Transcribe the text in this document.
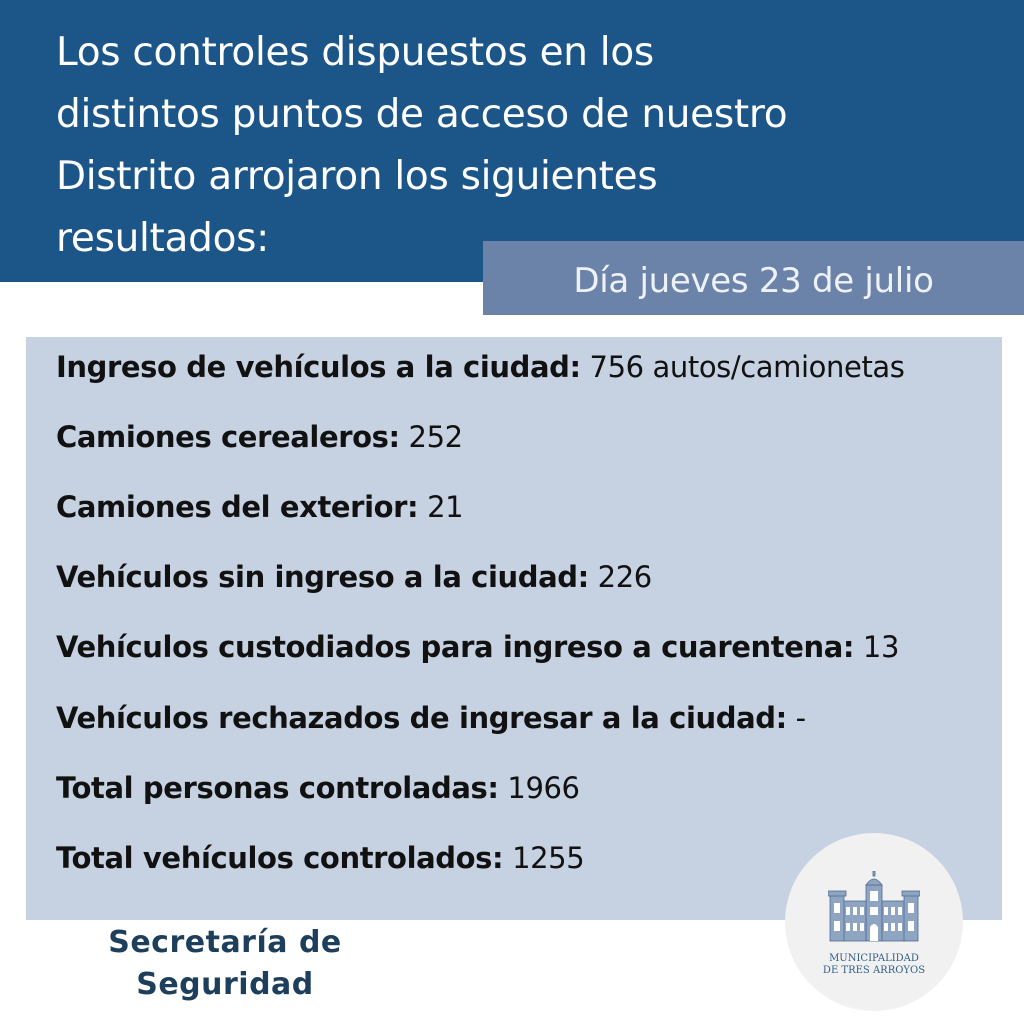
Los controles dispuestos en los
distintos puntos de acceso de nuestro
Distrito arrojaron los siguientes
resultados:
Día jueves 23 de julio

Ingreso de vehículos a la ciudad: 756 autos/camionetas

Camiones cerealeros: 252

Camiones del exterior: 21

Vehículos sin ingreso a la ciudad: 226

Vehículos custodiados para ingreso a cuarentena: 13

Vehículos rechazados de ingresar a la ciudad: -

Total personas controladas: 1966

Total vehículos controlados: 1255

Secretaría de
Seguridad
MUNICIPALIDAD
DE TRES ARROYOS
